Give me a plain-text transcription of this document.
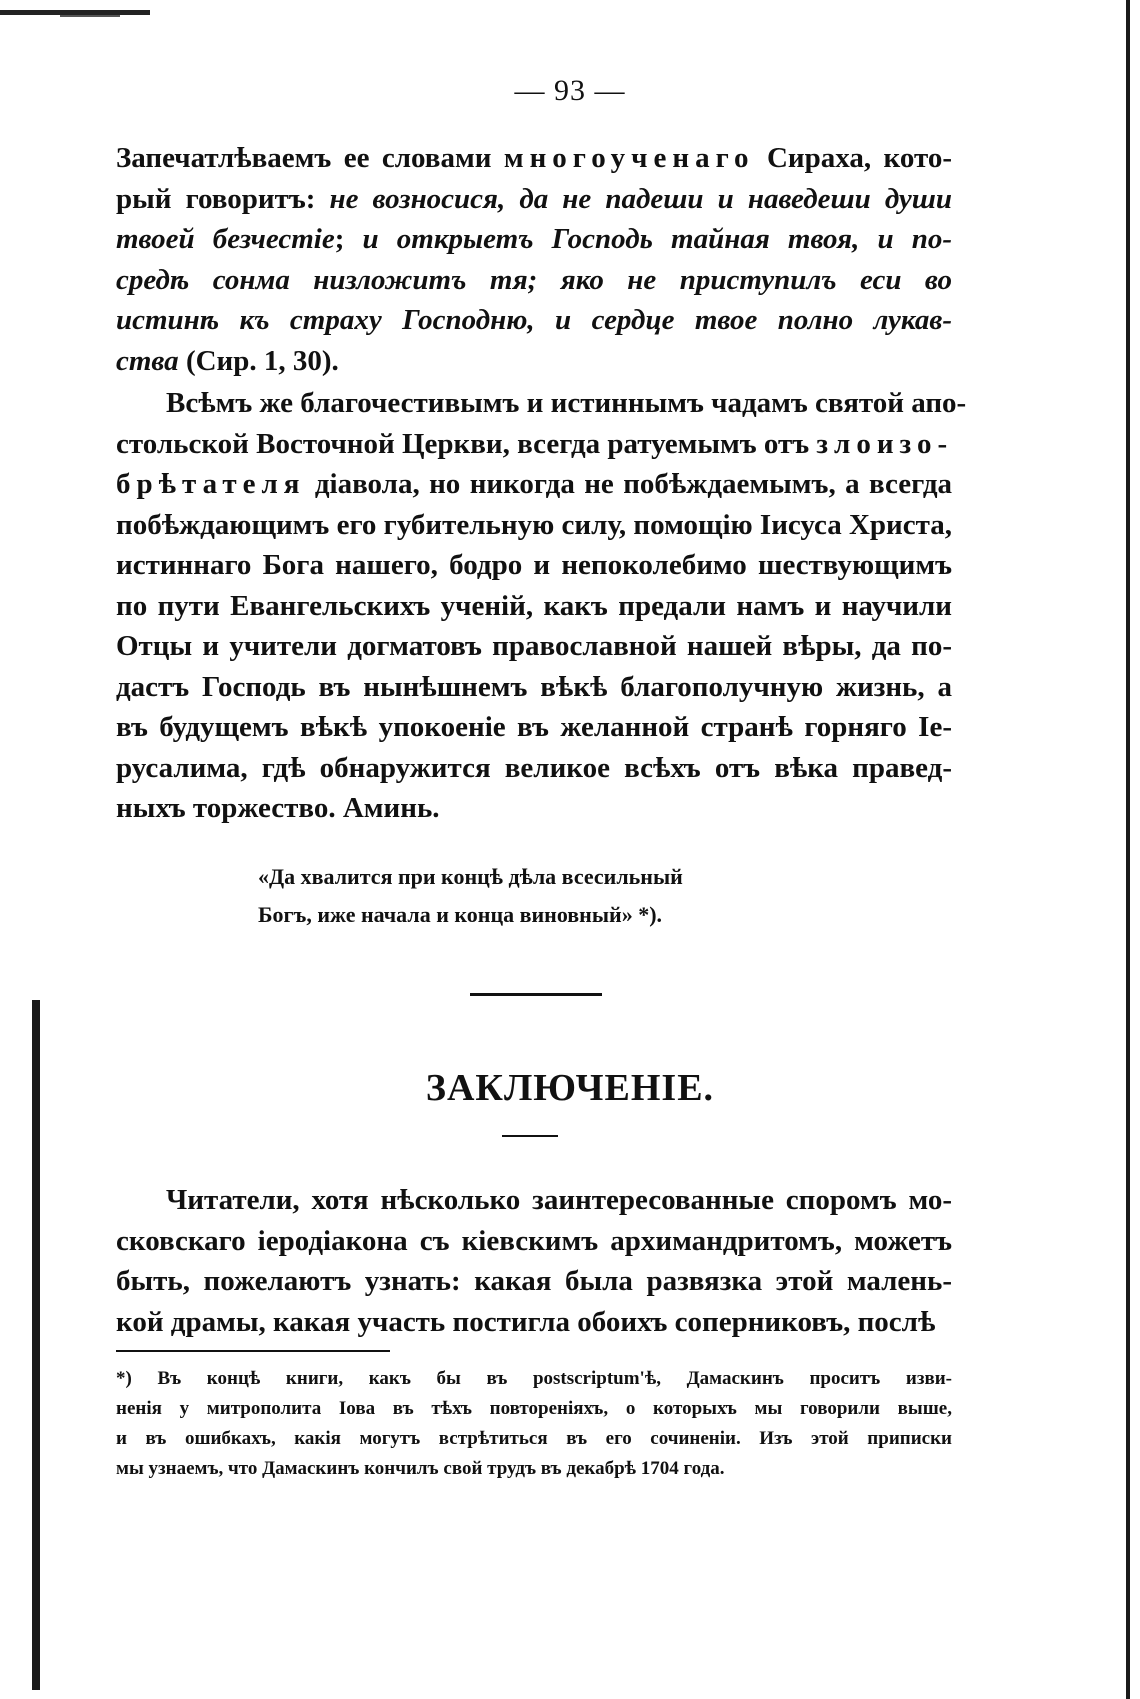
— 93 —
Запечатлѣваемъ ее словами многоученаго Сираха, кото-
рый говоритъ: не возносися, да не падеши и наведеши души
твоей безчестіе; и открыетъ Господь тайная твоя, и по-
средѣ сонма низложитъ тя; яко не приступилъ еси во
истинѣ къ страху Господню, и сердце твое полно лукав-
ства (Сир. 1, 30).
Всѣмъ же благочестивымъ и истиннымъ чадамъ святой апо-
стольской Восточной Церкви, всегда ратуемымъ отъ злоизо-
брѣтателя діавола, но никогда не побѣждаемымъ, а всегда
побѣждающимъ его губительную силу, помощію Іисуса Христа,
истиннаго Бога нашего, бодро и непоколебимо шествующимъ
по пути Евангельскихъ ученій, какъ предали намъ и научили
Отцы и учители догматовъ православной нашей вѣры, да по-
дастъ Господь въ нынѣшнемъ вѣкѣ благополучную жизнь, а
въ будущемъ вѣкѣ упокоеніе въ желанной странѣ горняго Іе-
русалима, гдѣ обнаружится великое всѣхъ отъ вѣка правед-
ныхъ торжество. Аминь.
«Да хвалится при концѣ дѣла всесильный
Богъ, иже начала и конца виновный» *).
ЗАКЛЮЧЕНІЕ.
Читатели, хотя нѣсколько заинтересованные споромъ мо-
сковскаго іеродіакона съ кіевскимъ архимандритомъ, можетъ
быть, пожелаютъ узнать: какая была развязка этой малень-
кой драмы, какая участь постигла обоихъ соперниковъ, послѣ
*) Въ концѣ книги, какъ бы въ postscriptum'ѣ, Дамаскинъ проситъ изви-
ненія у митрополита Іова въ тѣхъ повтореніяхъ, о которыхъ мы говорили выше,
и въ ошибкахъ, какія могутъ встрѣтиться въ его сочиненіи. Изъ этой приписки
мы узнаемъ, что Дамаскинъ кончилъ свой трудъ въ декабрѣ 1704 года.
